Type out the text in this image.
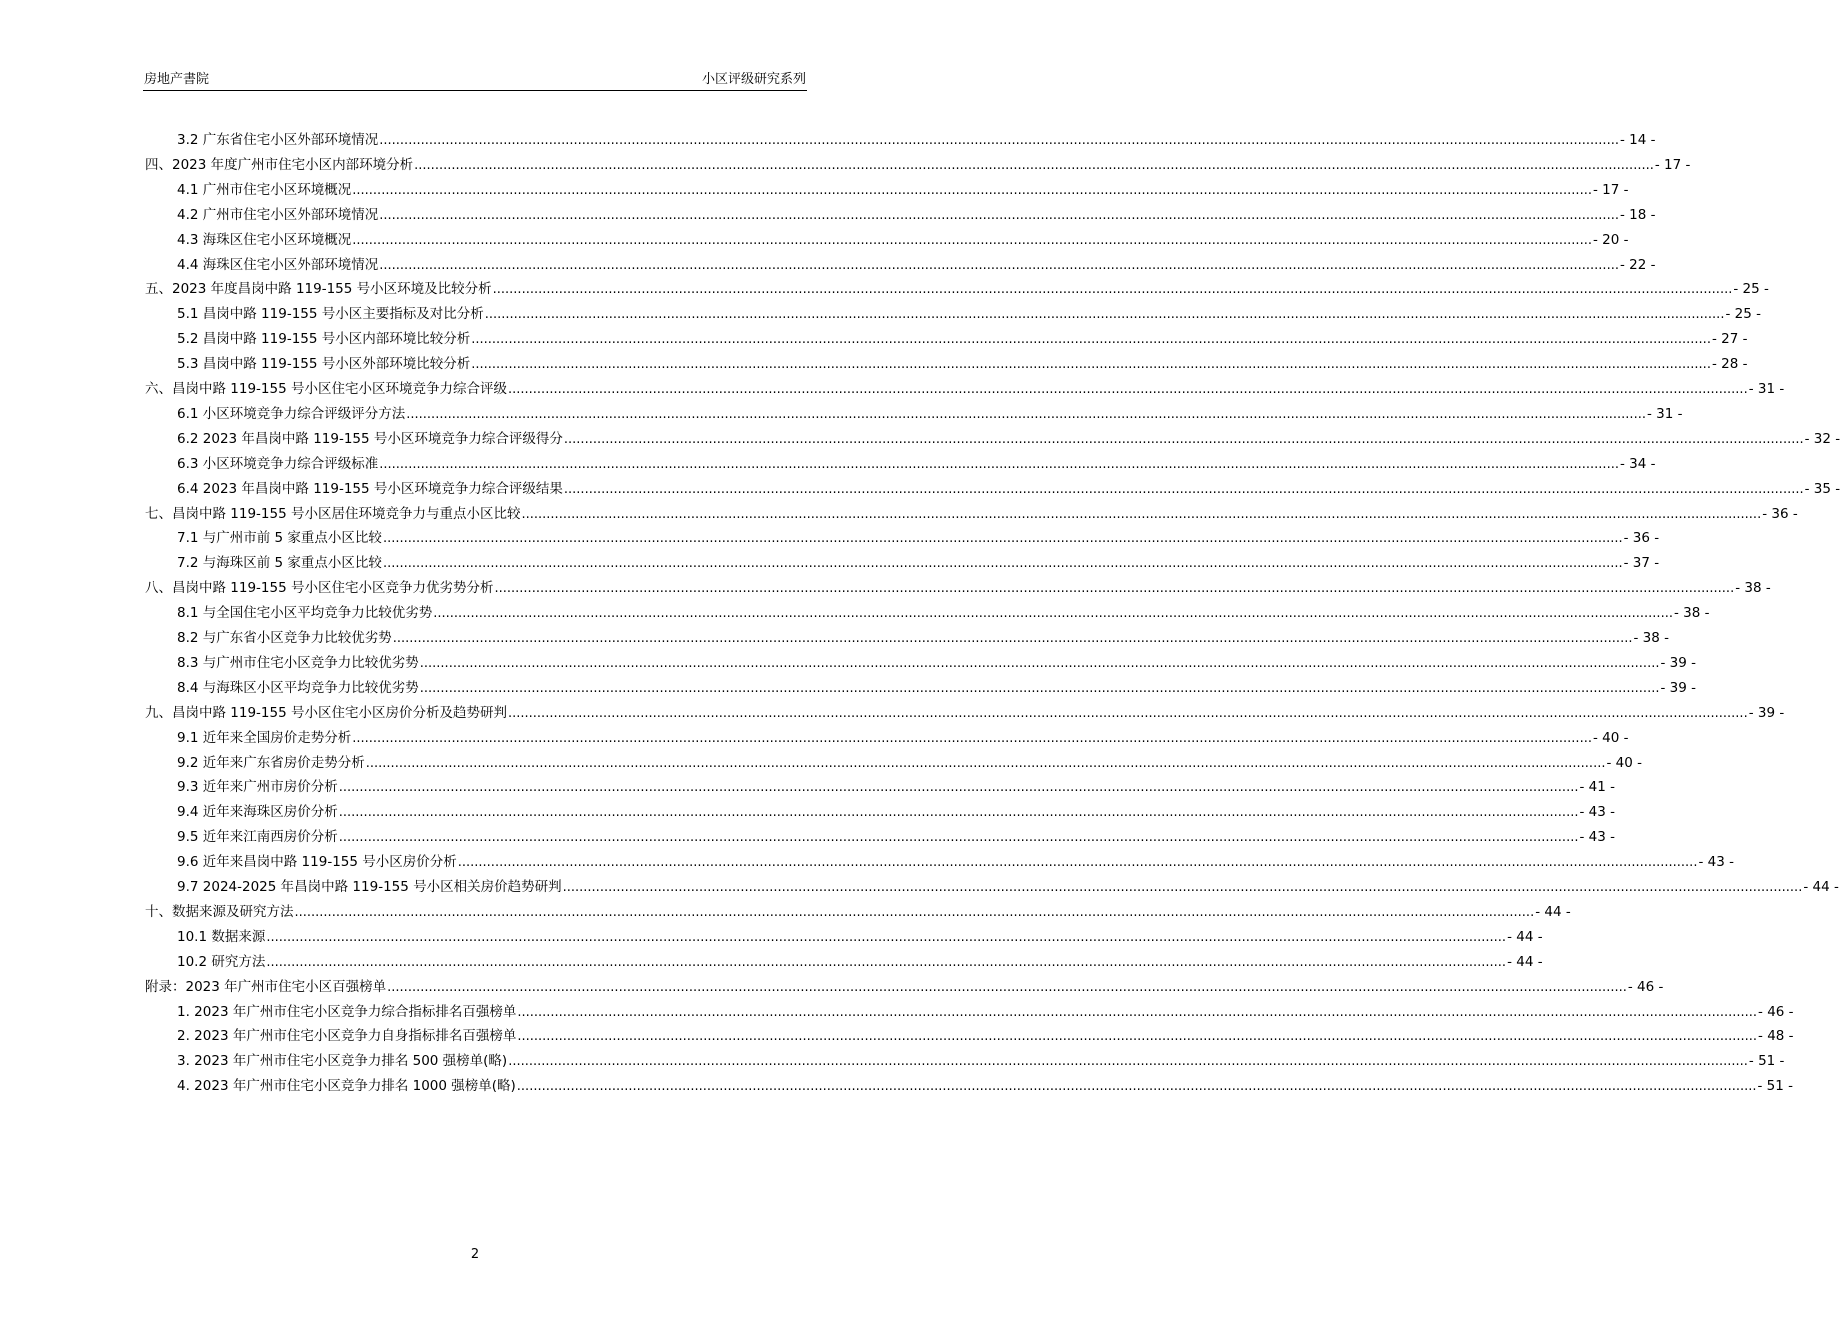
房地产書院	小区评级研究系列
3.2 广东省住宅小区外部环境情况 ............................................................................................................................................................................................................................................................................................................ - 14 -
四、2023 年度广州市住宅小区内部环境分析 ............................................................................................................................................................................................................................................................................................................ - 17 -
4.1 广州市住宅小区环境概况 ............................................................................................................................................................................................................................................................................................................ - 17 -
4.2 广州市住宅小区外部环境情况 ............................................................................................................................................................................................................................................................................................................ - 18 -
4.3 海珠区住宅小区环境概况 ............................................................................................................................................................................................................................................................................................................ - 20 -
4.4 海珠区住宅小区外部环境情况 ............................................................................................................................................................................................................................................................................................................ - 22 -
五、2023 年度昌岗中路 119-155 号小区环境及比较分析 ............................................................................................................................................................................................................................................................................................................ - 25 -
5.1 昌岗中路 119-155 号小区主要指标及对比分析 ............................................................................................................................................................................................................................................................................................................ - 25 -
5.2 昌岗中路 119-155 号小区内部环境比较分析 ............................................................................................................................................................................................................................................................................................................ - 27 -
5.3 昌岗中路 119-155 号小区外部环境比较分析 ............................................................................................................................................................................................................................................................................................................ - 28 -
六、昌岗中路 119-155 号小区住宅小区环境竞争力综合评级 ............................................................................................................................................................................................................................................................................................................ - 31 -
6.1 小区环境竞争力综合评级评分方法 ............................................................................................................................................................................................................................................................................................................ - 31 -
6.2 2023 年昌岗中路 119-155 号小区环境竞争力综合评级得分 ............................................................................................................................................................................................................................................................................................................ - 32 -
6.3 小区环境竞争力综合评级标准 ............................................................................................................................................................................................................................................................................................................ - 34 -
6.4 2023 年昌岗中路 119-155 号小区环境竞争力综合评级结果 ............................................................................................................................................................................................................................................................................................................ - 35 -
七、昌岗中路 119-155 号小区居住环境竞争力与重点小区比较 ............................................................................................................................................................................................................................................................................................................ - 36 -
7.1 与广州市前 5 家重点小区比较 ............................................................................................................................................................................................................................................................................................................ - 36 -
7.2 与海珠区前 5 家重点小区比较 ............................................................................................................................................................................................................................................................................................................ - 37 -
八、昌岗中路 119-155 号小区住宅小区竞争力优劣势分析 ............................................................................................................................................................................................................................................................................................................ - 38 -
8.1 与全国住宅小区平均竞争力比较优劣势 ............................................................................................................................................................................................................................................................................................................ - 38 -
8.2 与广东省小区竞争力比较优劣势 ............................................................................................................................................................................................................................................................................................................ - 38 -
8.3 与广州市住宅小区竞争力比较优劣势 ............................................................................................................................................................................................................................................................................................................ - 39 -
8.4 与海珠区小区平均竞争力比较优劣势 ............................................................................................................................................................................................................................................................................................................ - 39 -
九、昌岗中路 119-155 号小区住宅小区房价分析及趋势研判 ............................................................................................................................................................................................................................................................................................................ - 39 -
9.1 近年来全国房价走势分析 ............................................................................................................................................................................................................................................................................................................ - 40 -
9.2 近年来广东省房价走势分析 ............................................................................................................................................................................................................................................................................................................ - 40 -
9.3 近年来广州市房价分析 ............................................................................................................................................................................................................................................................................................................ - 41 -
9.4 近年来海珠区房价分析 ............................................................................................................................................................................................................................................................................................................ - 43 -
9.5 近年来江南西房价分析 ............................................................................................................................................................................................................................................................................................................ - 43 -
9.6 近年来昌岗中路 119-155 号小区房价分析 ............................................................................................................................................................................................................................................................................................................ - 43 -
9.7 2024-2025 年昌岗中路 119-155 号小区相关房价趋势研判 ............................................................................................................................................................................................................................................................................................................ - 44 -
十、数据来源及研究方法 ............................................................................................................................................................................................................................................................................................................ - 44 -
10.1 数据来源 ............................................................................................................................................................................................................................................................................................................ - 44 -
10.2 研究方法 ............................................................................................................................................................................................................................................................................................................ - 44 -
附录：2023 年广州市住宅小区百强榜单 ............................................................................................................................................................................................................................................................................................................ - 46 -
1. 2023 年广州市住宅小区竞争力综合指标排名百强榜单 ............................................................................................................................................................................................................................................................................................................ - 46 -
2. 2023 年广州市住宅小区竞争力自身指标排名百强榜单 ............................................................................................................................................................................................................................................................................................................ - 48 -
3. 2023 年广州市住宅小区竞争力排名 500 强榜单(略) ............................................................................................................................................................................................................................................................................................................ - 51 -
4. 2023 年广州市住宅小区竞争力排名 1000 强榜单(略) ............................................................................................................................................................................................................................................................................................................ - 51 -
2
